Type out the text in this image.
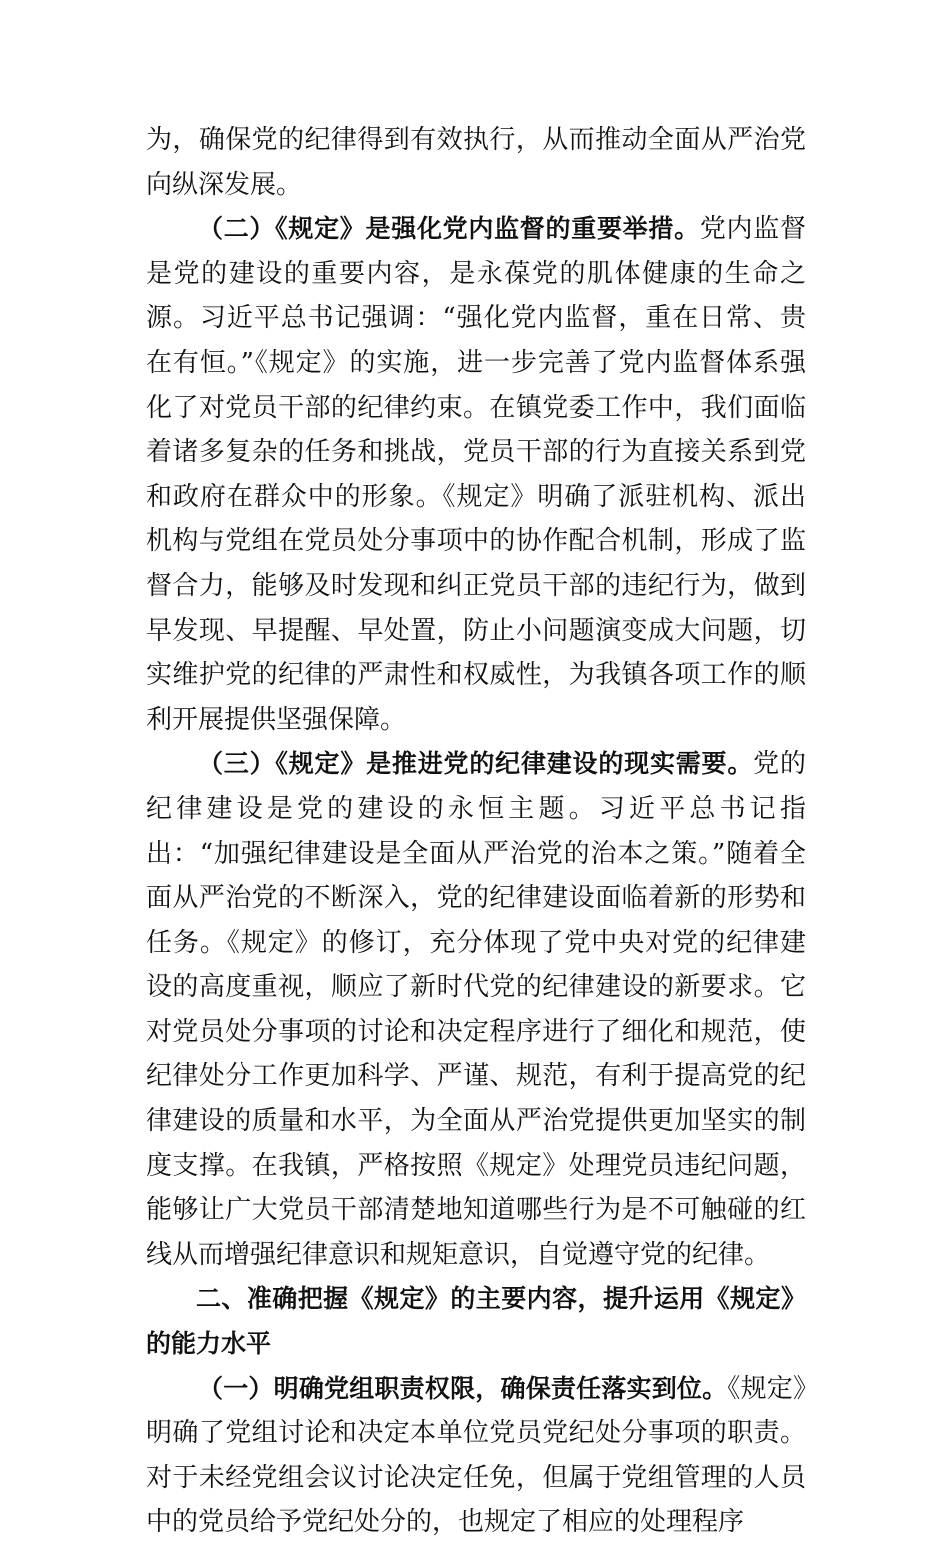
为，确保党的纪律得到有效执行，从而推动全面从严治党向纵深发展。

（二）《规定》是强化党内监督的重要举措。党内监督是党的建设的重要内容，是永葆党的肌体健康的生命之源。习近平总书记强调：“强化党内监督，重在日常、贵在有恒。”《规定》的实施，进一步完善了党内监督体系强化了对党员干部的纪律约束。在镇党委工作中，我们面临着诸多复杂的任务和挑战，党员干部的行为直接关系到党和政府在群众中的形象。《规定》明确了派驻机构、派出机构与党组在党员处分事项中的协作配合机制，形成了监督合力，能够及时发现和纠正党员干部的违纪行为，做到早发现、早提醒、早处置，防止小问题演变成大问题，切实维护党的纪律的严肃性和权威性，为我镇各项工作的顺利开展提供坚强保障。

（三）《规定》是推进党的纪律建设的现实需要。党的纪律建设是党的建设的永恒主题。习近平总书记指出：“加强纪律建设是全面从严治党的治本之策。”随着全面从严治党的不断深入，党的纪律建设面临着新的形势和任务。《规定》的修订，充分体现了党中央对党的纪律建设的高度重视，顺应了新时代党的纪律建设的新要求。它对党员处分事项的讨论和决定程序进行了细化和规范，使纪律处分工作更加科学、严谨、规范，有利于提高党的纪律建设的质量和水平，为全面从严治党提供更加坚实的制度支撑。在我镇，严格按照《规定》处理党员违纪问题，能够让广大党员干部清楚地知道哪些行为是不可触碰的红线从而增强纪律意识和规矩意识，自觉遵守党的纪律。

二、准确把握《规定》的主要内容，提升运用《规定》的能力水平

（一）明确党组职责权限，确保责任落实到位。《规定》明确了党组讨论和决定本单位党员党纪处分事项的职责。对于未经党组会议讨论决定任免，但属于党组管理的人员中的党员给予党纪处分的，也规定了相应的处理程序
